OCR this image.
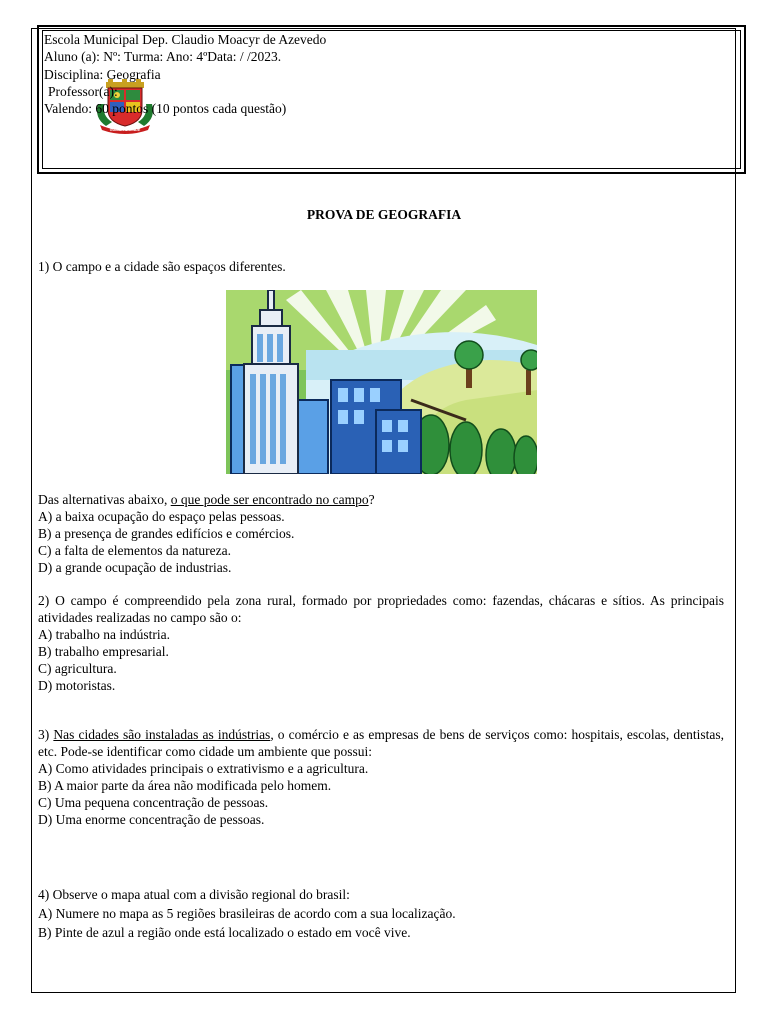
GUAÍBA GRANDE
Escola Municipal Dep. Claudio Moacyr de Azevedo
Aluno (a): Nº: Turma: Ano: 4ºData: / /2023.
Disciplina: Geografia
Professor(a):
Valendo: 60 pontos (10 pontos cada questão)
PROVA DE GEOGRAFIA
1) O campo e a cidade são espaços diferentes.
Das alternativas abaixo, o que pode ser encontrado no campo?
A) a baixa ocupação do espaço pelas pessoas.
B) a presença de grandes edifícios e comércios.
C) a falta de elementos da natureza.
D) a grande ocupação de industrias.
2) O campo é compreendido pela zona rural, formado por propriedades como: fazendas, chácaras e sítios. As principais atividades realizadas no campo são o:
A) trabalho na indústria.
B) trabalho empresarial.
C) agricultura.
D) motoristas.
3) Nas cidades são instaladas as indústrias, o comércio e as empresas de bens de serviços como: hospitais, escolas, dentistas, etc. Pode-se identificar como cidade um ambiente que possui:
A) Como atividades principais o extrativismo e a agricultura.
B) A maior parte da área não modificada pelo homem.
C) Uma pequena concentração de pessoas.
D) Uma enorme concentração de pessoas.
4) Observe o mapa atual com a divisão regional do brasil:
A) Numere no mapa as 5 regiões brasileiras de acordo com a sua localização.
B) Pinte de azul a região onde está localizado o estado em você vive.
